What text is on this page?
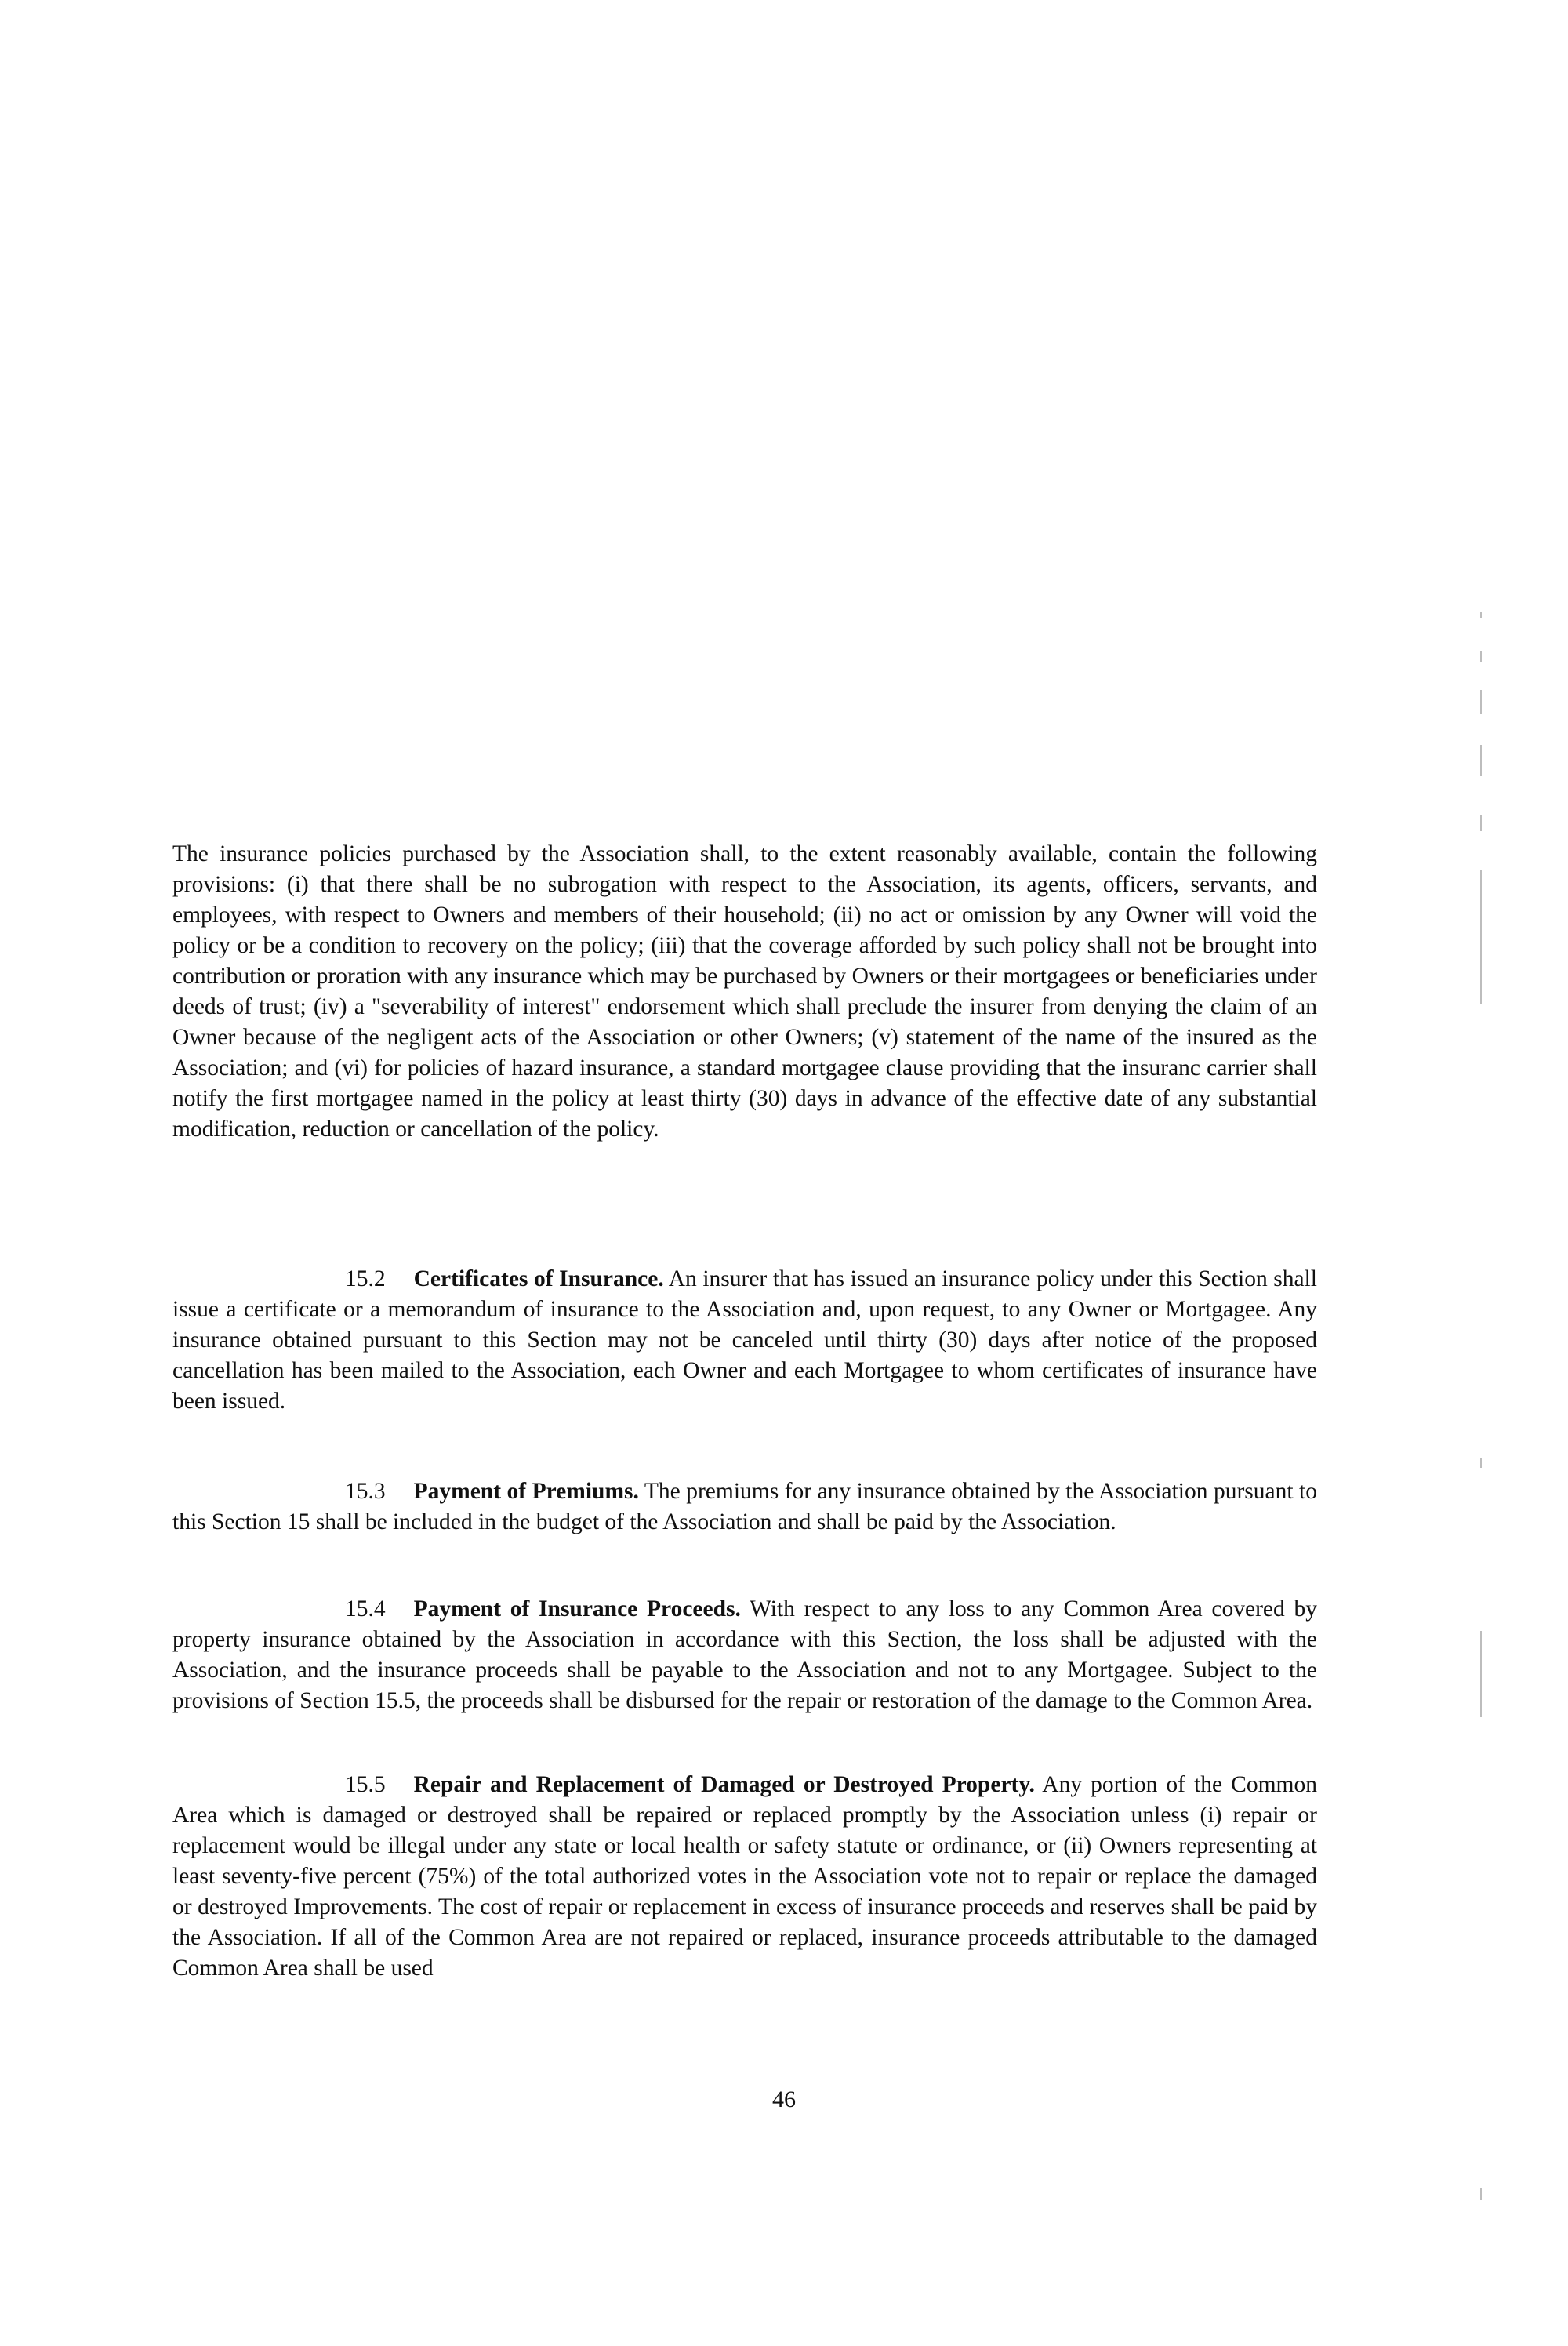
The insurance policies purchased by the Association shall, to the extent reasonably available, contain the following provisions: (i) that there shall be no subrogation with respect to the Association, its agents, officers, servants, and employees, with respect to Owners and members of their household; (ii) no act or omission by any Owner will void the policy or be a condition to recovery on the policy; (iii) that the coverage afforded by such policy shall not be brought into contribution or proration with any insurance which may be purchased by Owners or their mortgagees or beneficiaries under deeds of trust; (iv) a "severability of interest" endorsement which shall preclude the insurer from denying the claim of an Owner because of the negligent acts of the Association or other Owners; (v) statement of the name of the insured as the Association; and (vi) for policies of hazard insurance, a standard mortgagee clause providing that the insuranc carrier shall notify the first mortgagee named in the policy at least thirty (30) days in advance of the effective date of any substantial modification, reduction or cancellation of the policy.

15.2 Certificates of Insurance. An insurer that has issued an insurance policy under this Section shall issue a certificate or a memorandum of insurance to the Association and, upon request, to any Owner or Mortgagee. Any insurance obtained pursuant to this Section may not be canceled until thirty (30) days after notice of the proposed cancellation has been mailed to the Association, each Owner and each Mortgagee to whom certificates of insurance have been issued.

15.3 Payment of Premiums. The premiums for any insurance obtained by the Association pursuant to this Section 15 shall be included in the budget of the Association and shall be paid by the Association.

15.4 Payment of Insurance Proceeds. With respect to any loss to any Common Area covered by property insurance obtained by the Association in accordance with this Section, the loss shall be adjusted with the Association, and the insurance proceeds shall be payable to the Association and not to any Mortgagee. Subject to the provisions of Section 15.5, the proceeds shall be disbursed for the repair or restoration of the damage to the Common Area.

15.5 Repair and Replacement of Damaged or Destroyed Property. Any portion of the Common Area which is damaged or destroyed shall be repaired or replaced promptly by the Association unless (i) repair or replacement would be illegal under any state or local health or safety statute or ordinance, or (ii) Owners representing at least seventy-five percent (75%) of the total authorized votes in the Association vote not to repair or replace the damaged or destroyed Improvements. The cost of repair or replacement in excess of insurance proceeds and reserves shall be paid by the Association. If all of the Common Area are not repaired or replaced, insurance proceeds attributable to the damaged Common Area shall be used

46
